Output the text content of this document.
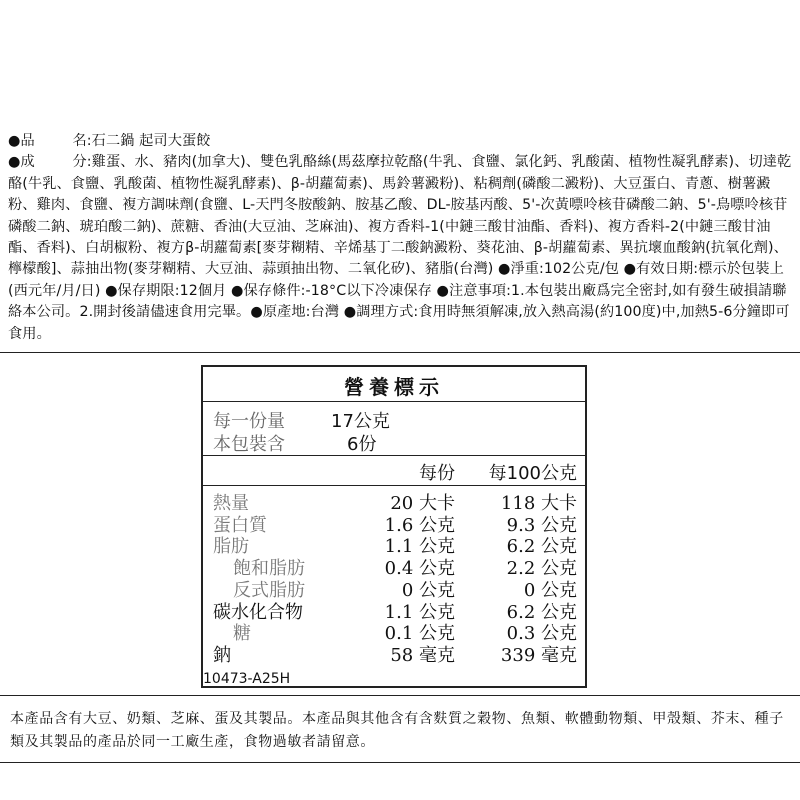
●品	名:石二鍋 起司大蛋餃
●成	分:雞蛋、水、豬肉(加拿大)、雙色乳酪絲(馬茲摩拉乾酪(牛乳、食鹽、氯化鈣、乳酸菌、植物性凝乳酵素)、切達乾酪(牛乳、食鹽、乳酸菌、植物性凝乳酵素)、β-胡蘿蔔素)、馬鈴薯澱粉)、粘稠劑(磷酸二澱粉)、大豆蛋白、青蔥、樹薯澱粉、雞肉、食鹽、複方調味劑(食鹽、L-天門冬胺酸鈉、胺基乙酸、DL-胺基丙酸、5'-次黃嘌呤核苷磷酸二鈉、5'-鳥嘌呤核苷磷酸二鈉、琥珀酸二鈉)、蔗糖、香油(大豆油、芝麻油)、複方香料-1(中鏈三酸甘油酯、香料)、複方香料-2(中鏈三酸甘油酯、香料)、白胡椒粉、複方β-胡蘿蔔素[麥芽糊精、辛烯基丁二酸鈉澱粉、葵花油、β-胡蘿蔔素、異抗壞血酸鈉(抗氧化劑)、檸檬酸]、蒜抽出物(麥芽糊精、大豆油、蒜頭抽出物、二氧化矽)、豬脂(台灣) ●淨重:102公克/包 ●有效日期:標示於包裝上(西元年/月/日) ●保存期限:12個月 ●保存條件:-18°C以下冷凍保存 ●注意事項:1.本包裝出廠爲完全密封,如有發生破損請聯絡本公司。2.開封後請儘速食用完畢。●原產地:台灣 ●調理方式:食用時無須解凍,放入熱高湯(約100度)中,加熱5-6分鐘即可食用。
營養標示
每一份量	17公克
本包裝含	6份
每份 每100公克
熱量	20 大卡	118 大卡
蛋白質	1.6 公克	9.3 公克
脂肪	1.1 公克	6.2 公克
飽和脂肪	0.4 公克	2.2 公克
反式脂肪	0 公克	0 公克
碳水化合物	1.1 公克	6.2 公克
糖	0.1 公克	0.3 公克
鈉	58 毫克	339 毫克
10473-A25H
本產品含有大豆、奶類、芝麻、蛋及其製品。本產品與其他含有含麩質之穀物、魚類、軟體動物類、甲殼類、芥末、種子類及其製品的產品於同一工廠生產，食物過敏者請留意。
